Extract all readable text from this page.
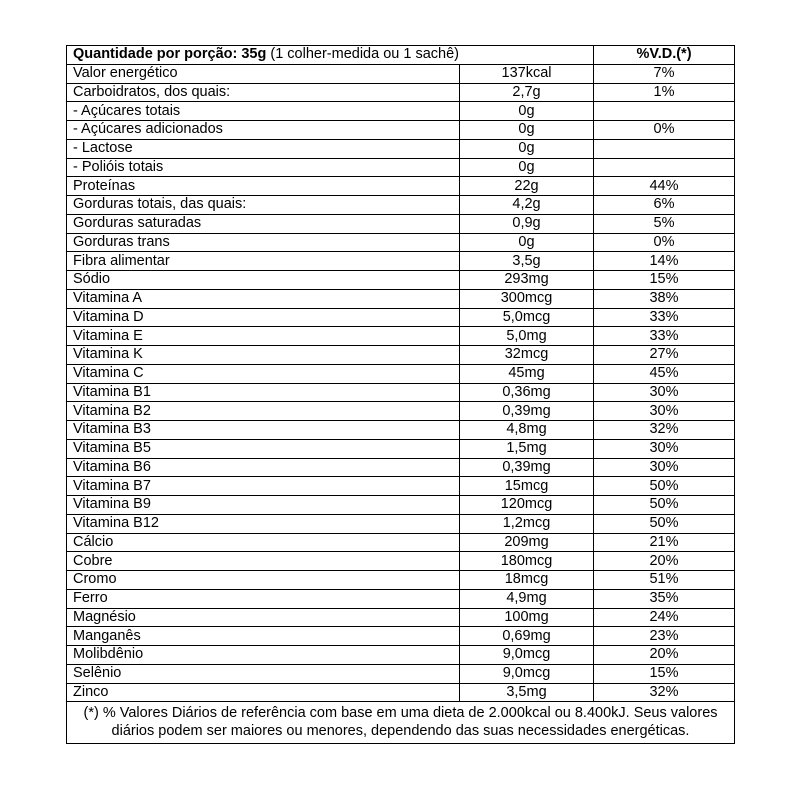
Quantidade por porção: 35g (1 colher-medida ou 1 sachê)		%V.D.(*)
Valor energético	137kcal	7%
Carboidratos, dos quais:	2,7g	1%
- Açúcares totais	0g	
- Açúcares adicionados	0g	0%
- Lactose	0g	
- Polióis totais	0g	
Proteínas	22g	44%
Gorduras totais, das quais:	4,2g	6%
Gorduras saturadas	0,9g	5%
Gorduras trans	0g	0%
Fibra alimentar	3,5g	14%
Sódio	293mg	15%
Vitamina A	300mcg	38%
Vitamina D	5,0mcg	33%
Vitamina E	5,0mg	33%
Vitamina K	32mcg	27%
Vitamina C	45mg	45%
Vitamina B1	0,36mg	30%
Vitamina B2	0,39mg	30%
Vitamina B3	4,8mg	32%
Vitamina B5	1,5mg	30%
Vitamina B6	0,39mg	30%
Vitamina B7	15mcg	50%
Vitamina B9	120mcg	50%
Vitamina B12	1,2mcg	50%
Cálcio	209mg	21%
Cobre	180mcg	20%
Cromo	18mcg	51%
Ferro	4,9mg	35%
Magnésio	100mg	24%
Manganês	0,69mg	23%
Molibdênio	9,0mcg	20%
Selênio	9,0mcg	15%
Zinco	3,5mg	32%
(*) % Valores Diários de referência com base em uma dieta de 2.000kcal ou 8.400kJ. Seus valores diários podem ser maiores ou menores, dependendo das suas necessidades energéticas.		
